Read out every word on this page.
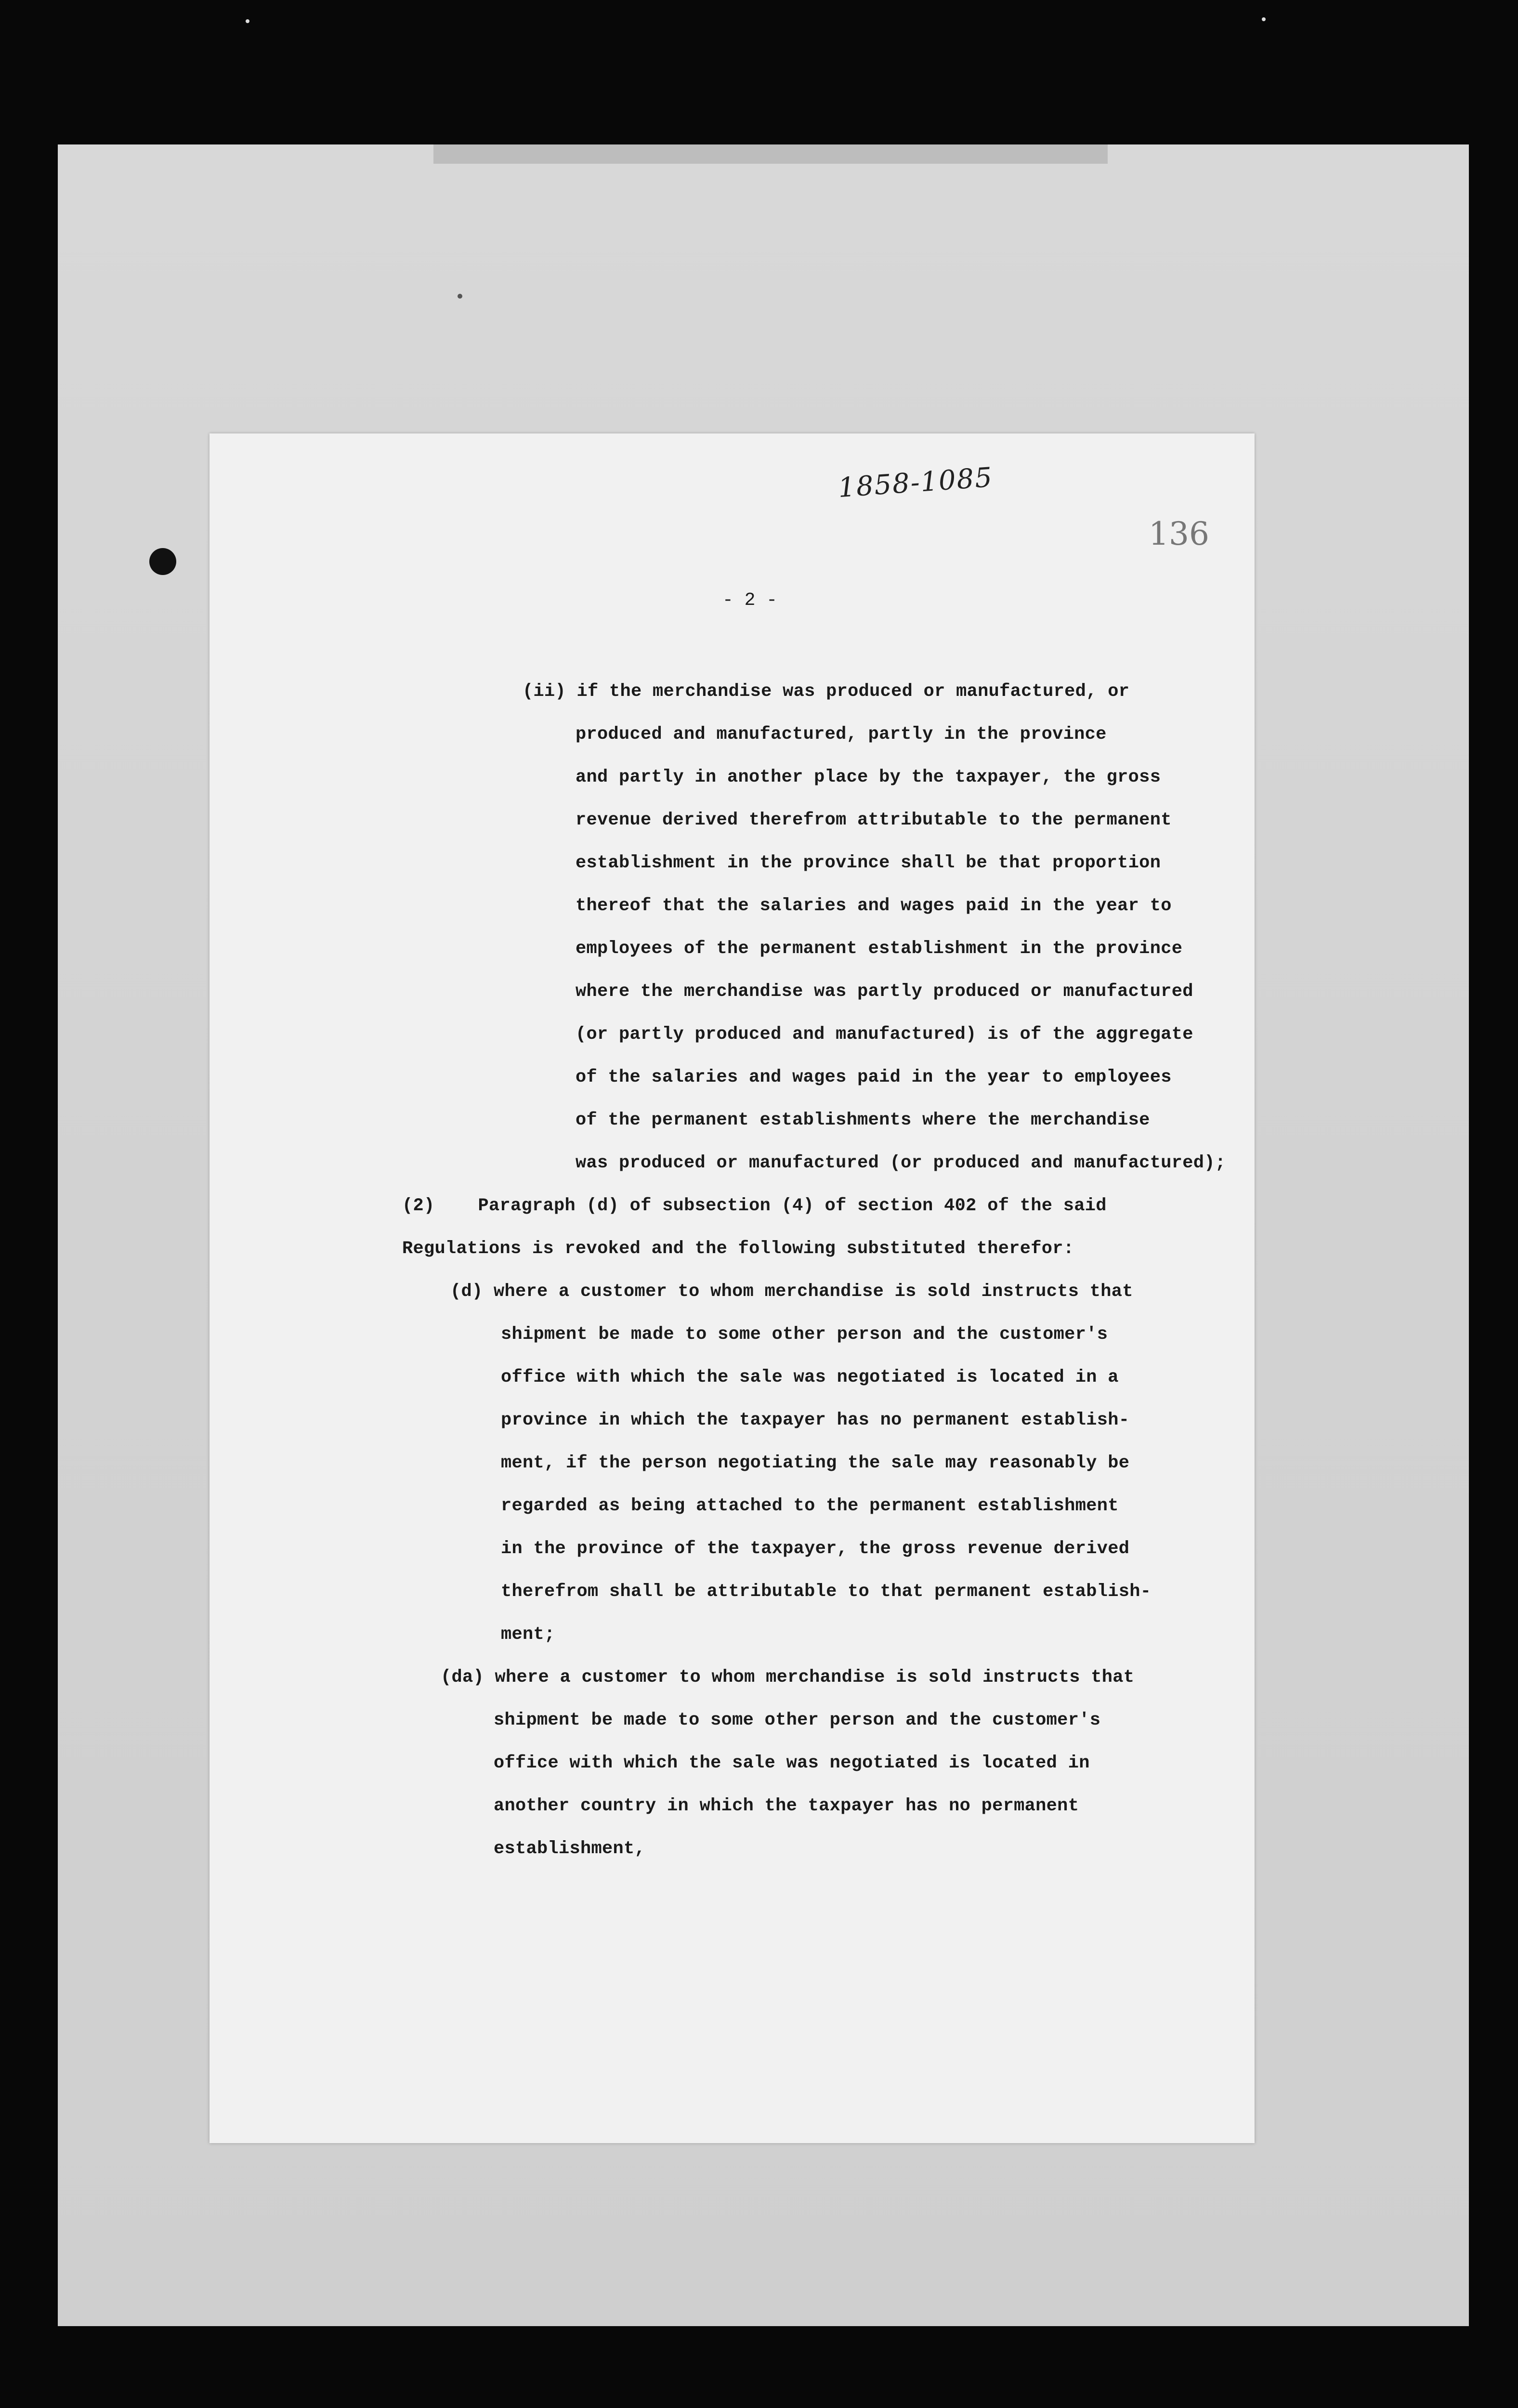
1858-1085
136
- 2 -
(ii) if the merchandise was produced or manufactured, or
produced and manufactured, partly in the province
and partly in another place by the taxpayer, the gross
revenue derived therefrom attributable to the permanent
establishment in the province shall be that proportion
thereof that the salaries and wages paid in the year to
employees of the permanent establishment in the province
where the merchandise was partly produced or manufactured
(or partly produced and manufactured) is of the aggregate
of the salaries and wages paid in the year to employees
of the permanent establishments where the merchandise
was produced or manufactured (or produced and manufactured);
(2)    Paragraph (d) of subsection (4) of section 402 of the said
Regulations is revoked and the following substituted therefor:
(d) where a customer to whom merchandise is sold instructs that
shipment be made to some other person and the customer's
office with which the sale was negotiated is located in a
province in which the taxpayer has no permanent establish-
ment, if the person negotiating the sale may reasonably be
regarded as being attached to the permanent establishment
in the province of the taxpayer, the gross revenue derived
therefrom shall be attributable to that permanent establish-
ment;
(da) where a customer to whom merchandise is sold instructs that
shipment be made to some other person and the customer's
office with which the sale was negotiated is located in
another country in which the taxpayer has no permanent
establishment,
